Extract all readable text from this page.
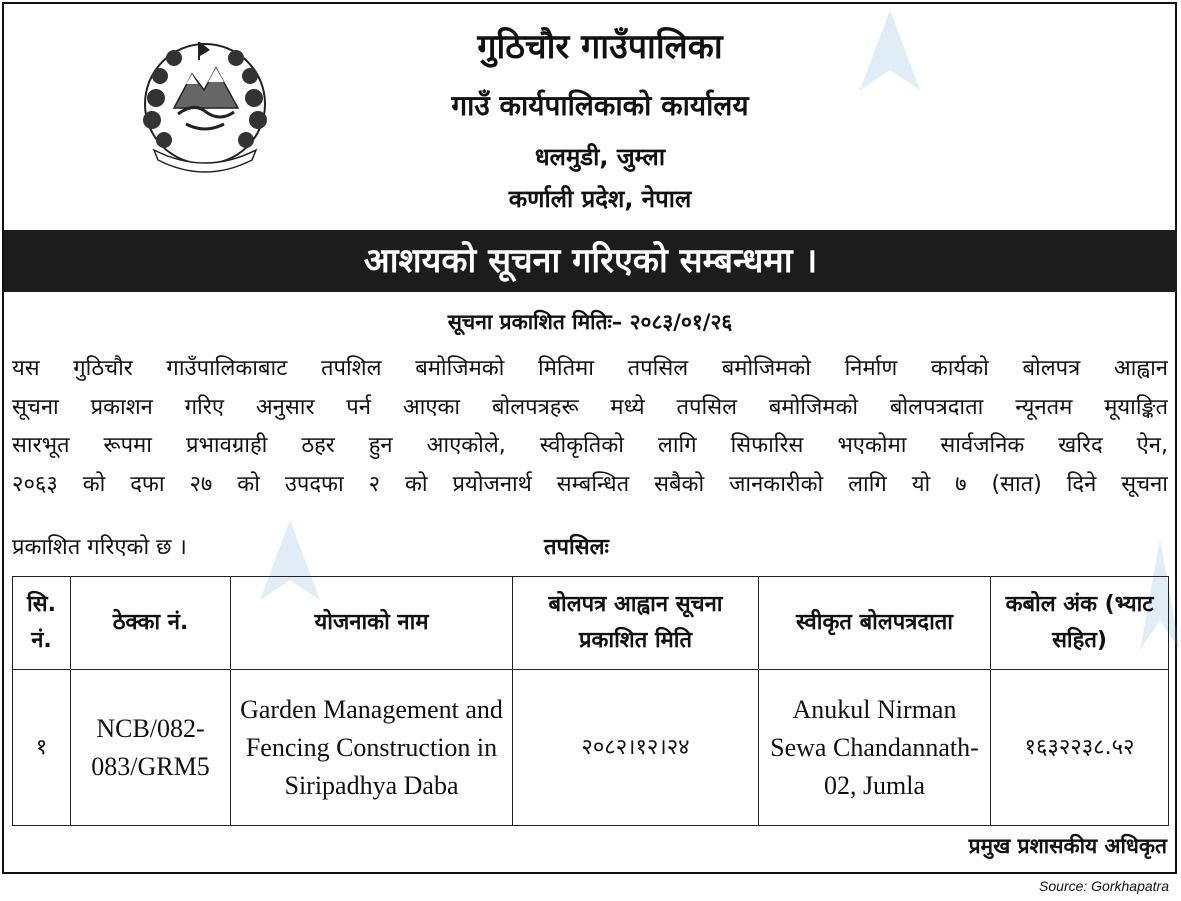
गुठिचौर गाउँपालिका
गाउँ कार्यपालिकाको कार्यालय
धलमुडी, जुम्ला
कर्णाली प्रदेश, नेपाल
आशयको सूचना गरिएको सम्बन्धमा ।
सूचना प्रकाशित मितिः– २०८३/०१/२६
यस गुठिचौर गाउँपालिकाबाट तपशिल बमोजिमको मितिमा तपसिल बमोजिमको निर्माण कार्यको बोलपत्र आह्वान
सूचना प्रकाशन गरिए अनुसार पर्न आएका बोलपत्रहरू मध्ये तपसिल बमोजिमको बोलपत्रदाता न्यूनतम मूयाङ्कित
सारभूत रूपमा प्रभावग्राही ठहर हुन आएकोले, स्वीकृतिको लागि सिफारिस भएकोमा सार्वजनिक खरिद ऐन,
२०६३ को दफा २७ को उपदफा २ को प्रयोजनार्थ सम्बन्धित सबैको जानकारीको लागि यो ७ (सात) दिने सूचना
प्रकाशित गरिएको छ ।	तपसिलः
सि. नं.	ठेक्का नं.	योजनाको नाम	बोलपत्र आह्वान सूचना प्रकाशित मिति	स्वीकृत बोलपत्रदाता	कबोल अंक (भ्याट सहित)
१	NCB/082-083/GRM5	Garden Management and Fencing Construction in Siripadhya Daba	२०८२।१२।२४	Anukul Nirman Sewa Chandannath-02, Jumla	१६३२२३८.५२
प्रमुख प्रशासकीय अधिकृत
Source: Gorkhapatra
